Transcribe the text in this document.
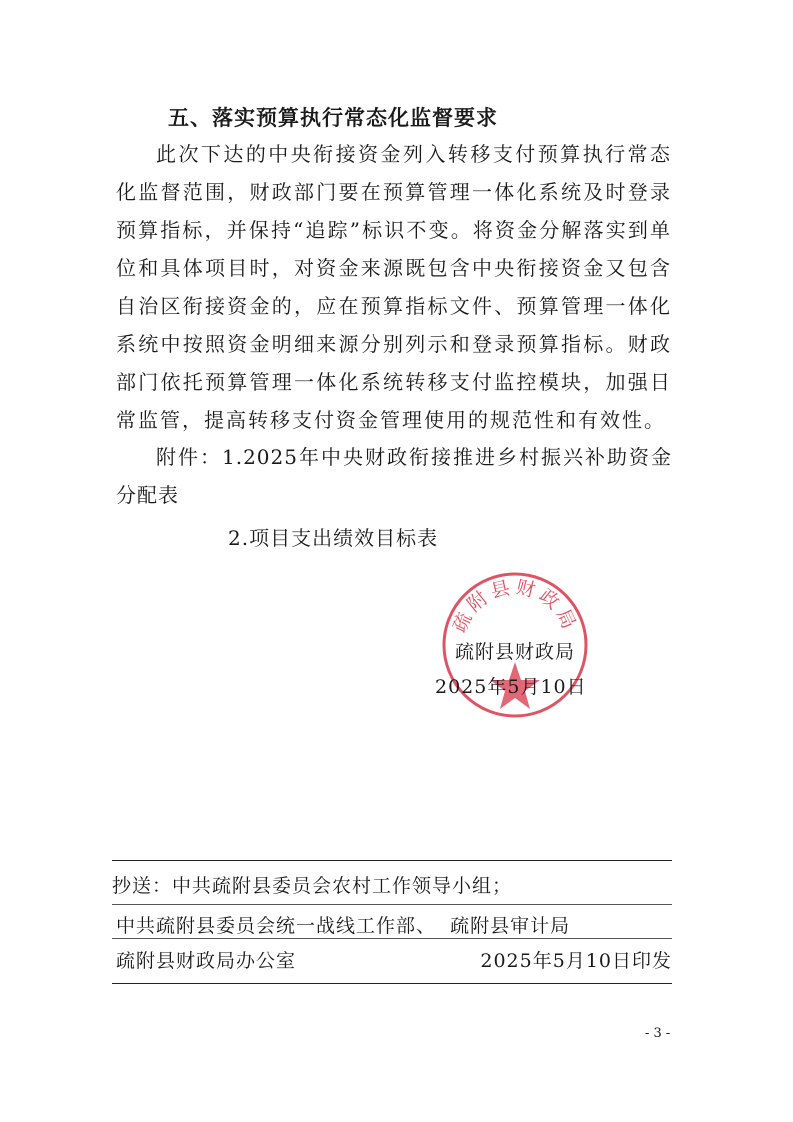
五、落实预算执行常态化监督要求

此次下达的中央衔接资金列入转移支付预算执行常态化监督范围，财政部门要在预算管理一体化系统及时登录预算指标，并保持“追踪”标识不变。将资金分解落实到单位和具体项目时，对资金来源既包含中央衔接资金又包含自治区衔接资金的，应在预算指标文件、预算管理一体化系统中按照资金明细来源分别列示和登录预算指标。财政部门依托预算管理一体化系统转移支付监控模块，加强日常监管，提高转移支付资金管理使用的规范性和有效性。

附件：1.2025年中央财政衔接推进乡村振兴补助资金分配表

2.项目支出绩效目标表

疏附县财政局

疏附县财政局

2025年5月10日

抄送：中共疏附县委员会农村工作领导小组；

中共疏附县委员会统一战线工作部、  疏附县审计局

疏附县财政局办公室	2025年5月10日印发

- 3 -
